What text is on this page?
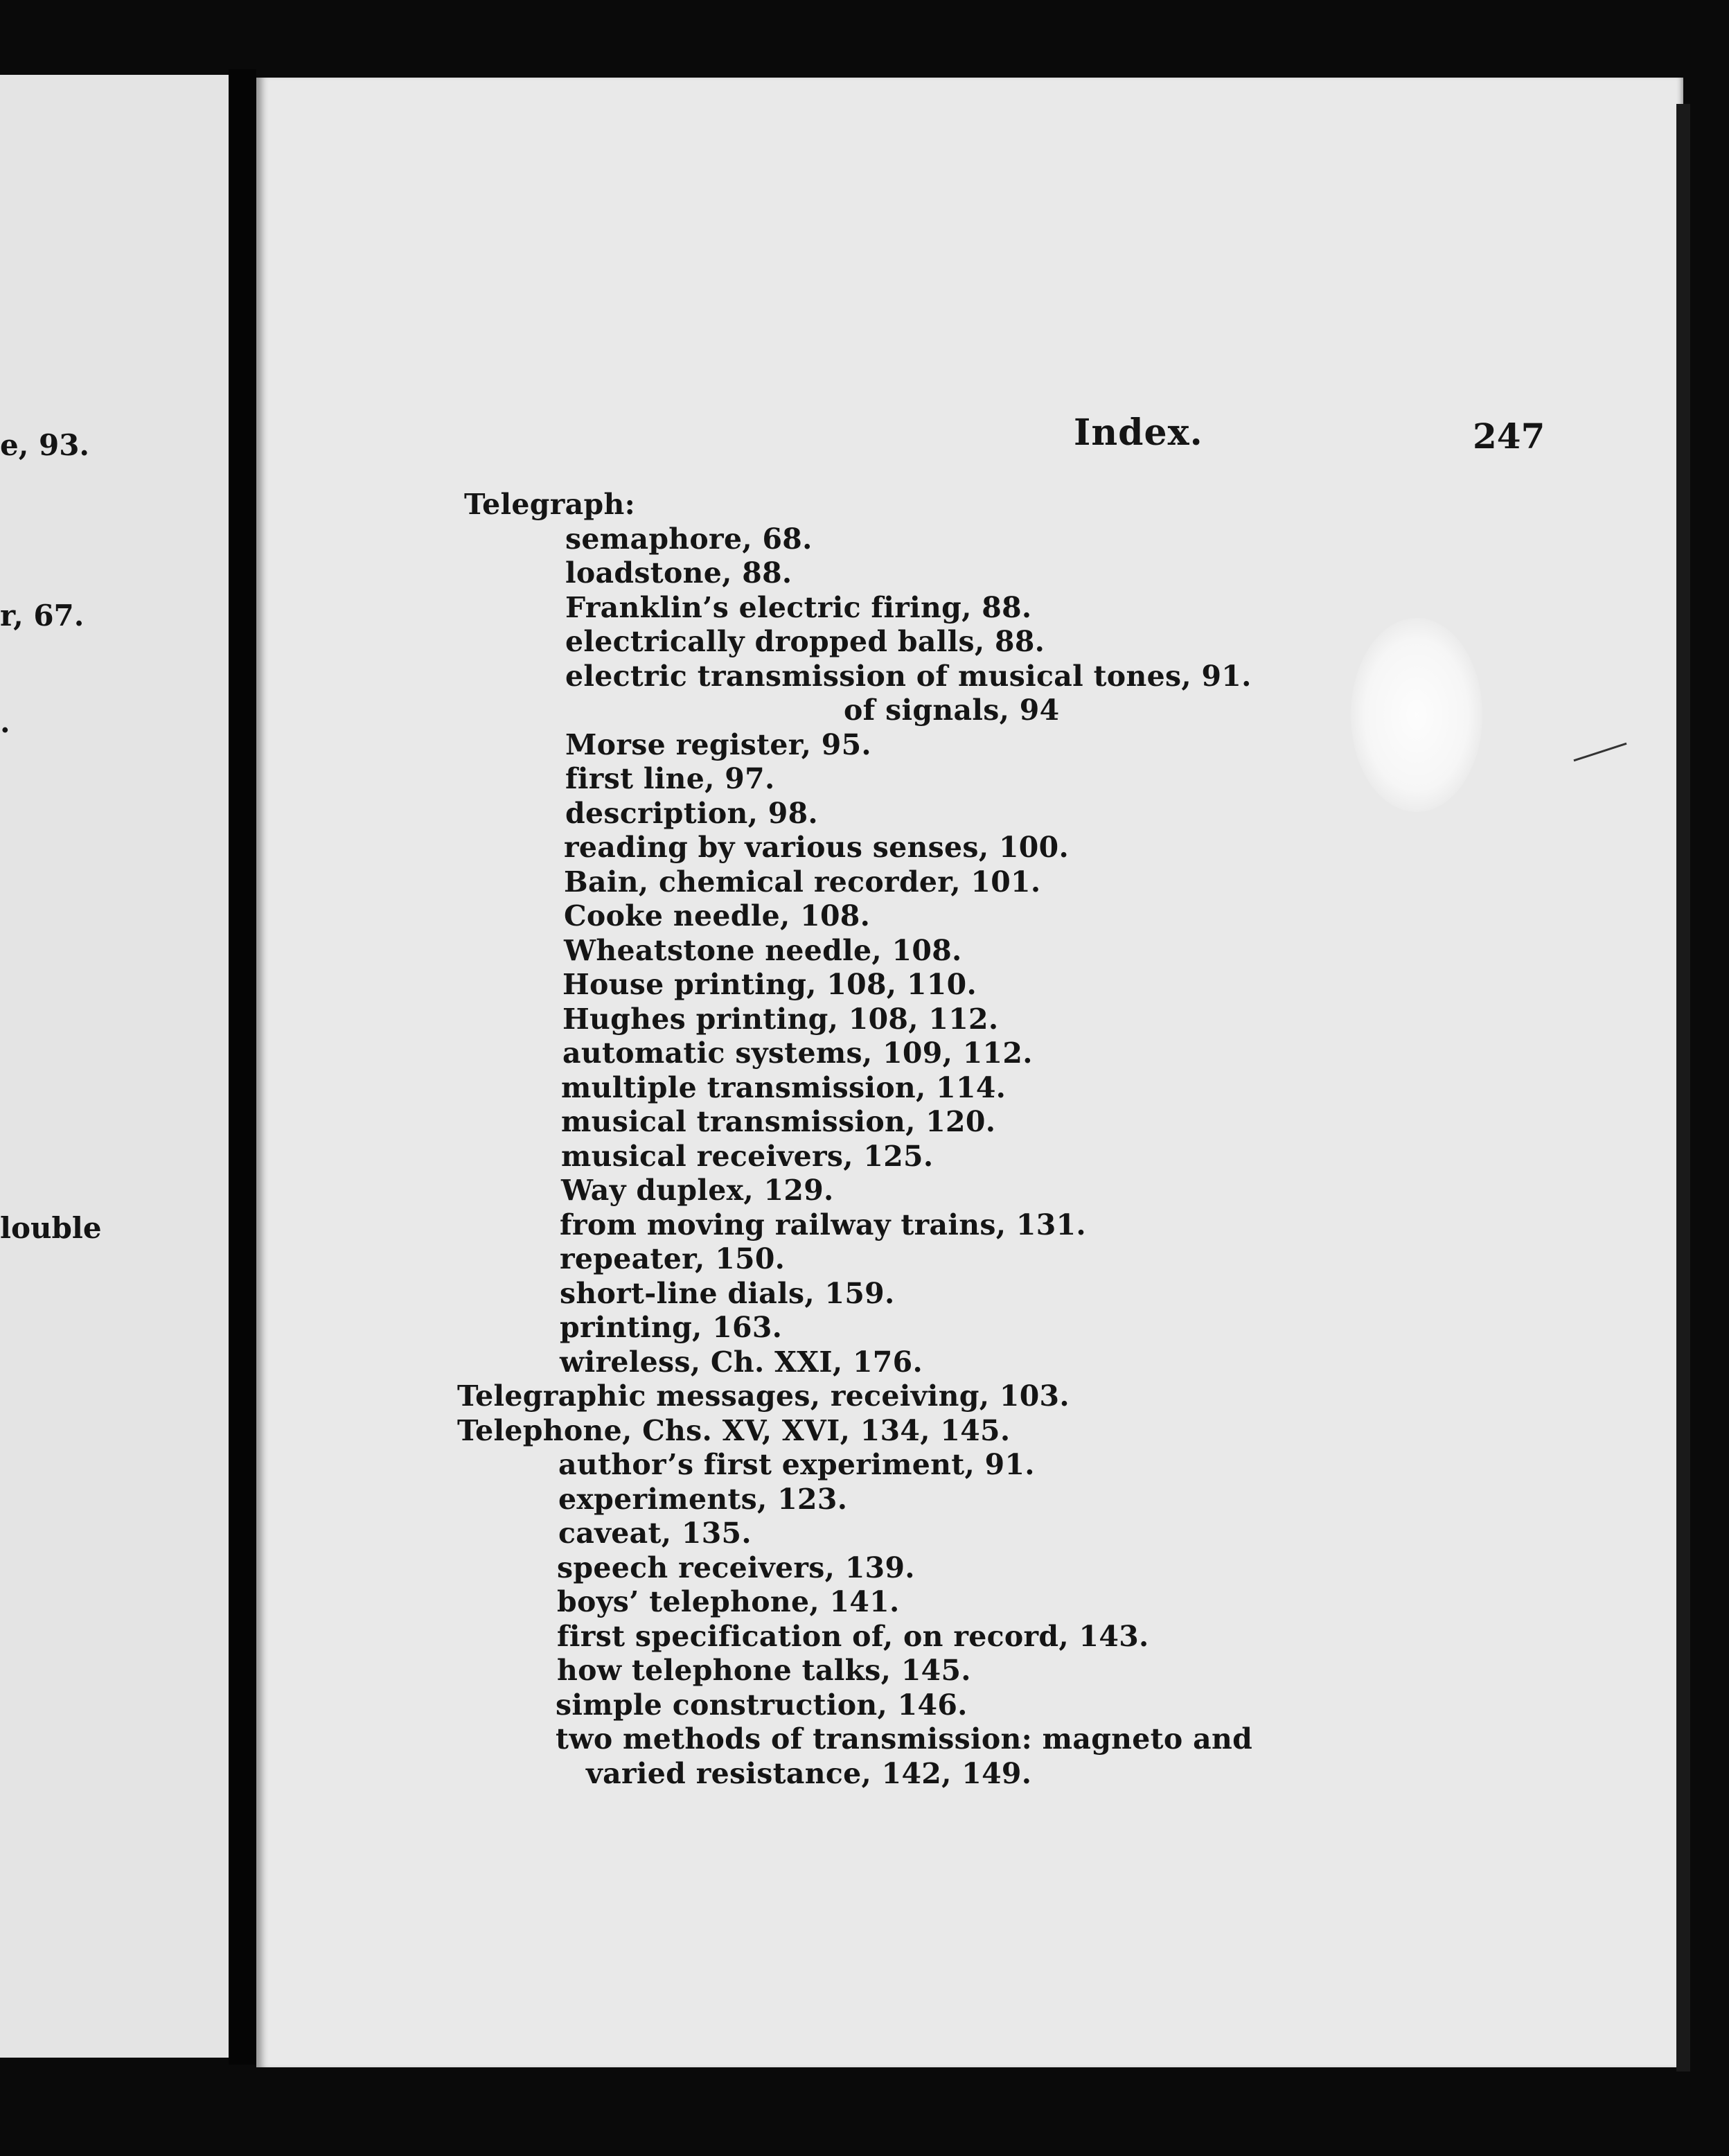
e, 93.
r, 67.
.
louble
Index.	247
Telegraph:
semaphore, 68.
loadstone, 88.
Franklin’s electric firing, 88.
electrically dropped balls, 88.
electric transmission of musical tones, 91.
of signals, 94
Morse register, 95.
first line, 97.
description, 98.
reading by various senses, 100.
Bain, chemical recorder, 101.
Cooke needle, 108.
Wheatstone needle, 108.
House printing, 108, 110.
Hughes printing, 108, 112.
automatic systems, 109, 112.
multiple transmission, 114.
musical transmission, 120.
musical receivers, 125.
Way duplex, 129.
from moving railway trains, 131.
repeater, 150.
short-line dials, 159.
printing, 163.
wireless, Ch. XXI, 176.
Telegraphic messages, receiving, 103.
Telephone, Chs. XV, XVI, 134, 145.
author’s first experiment, 91.
experiments, 123.
caveat, 135.
speech receivers, 139.
boys’ telephone, 141.
first specification of, on record, 143.
how telephone talks, 145.
simple construction, 146.
two methods of transmission: magneto and
varied resistance, 142, 149.
